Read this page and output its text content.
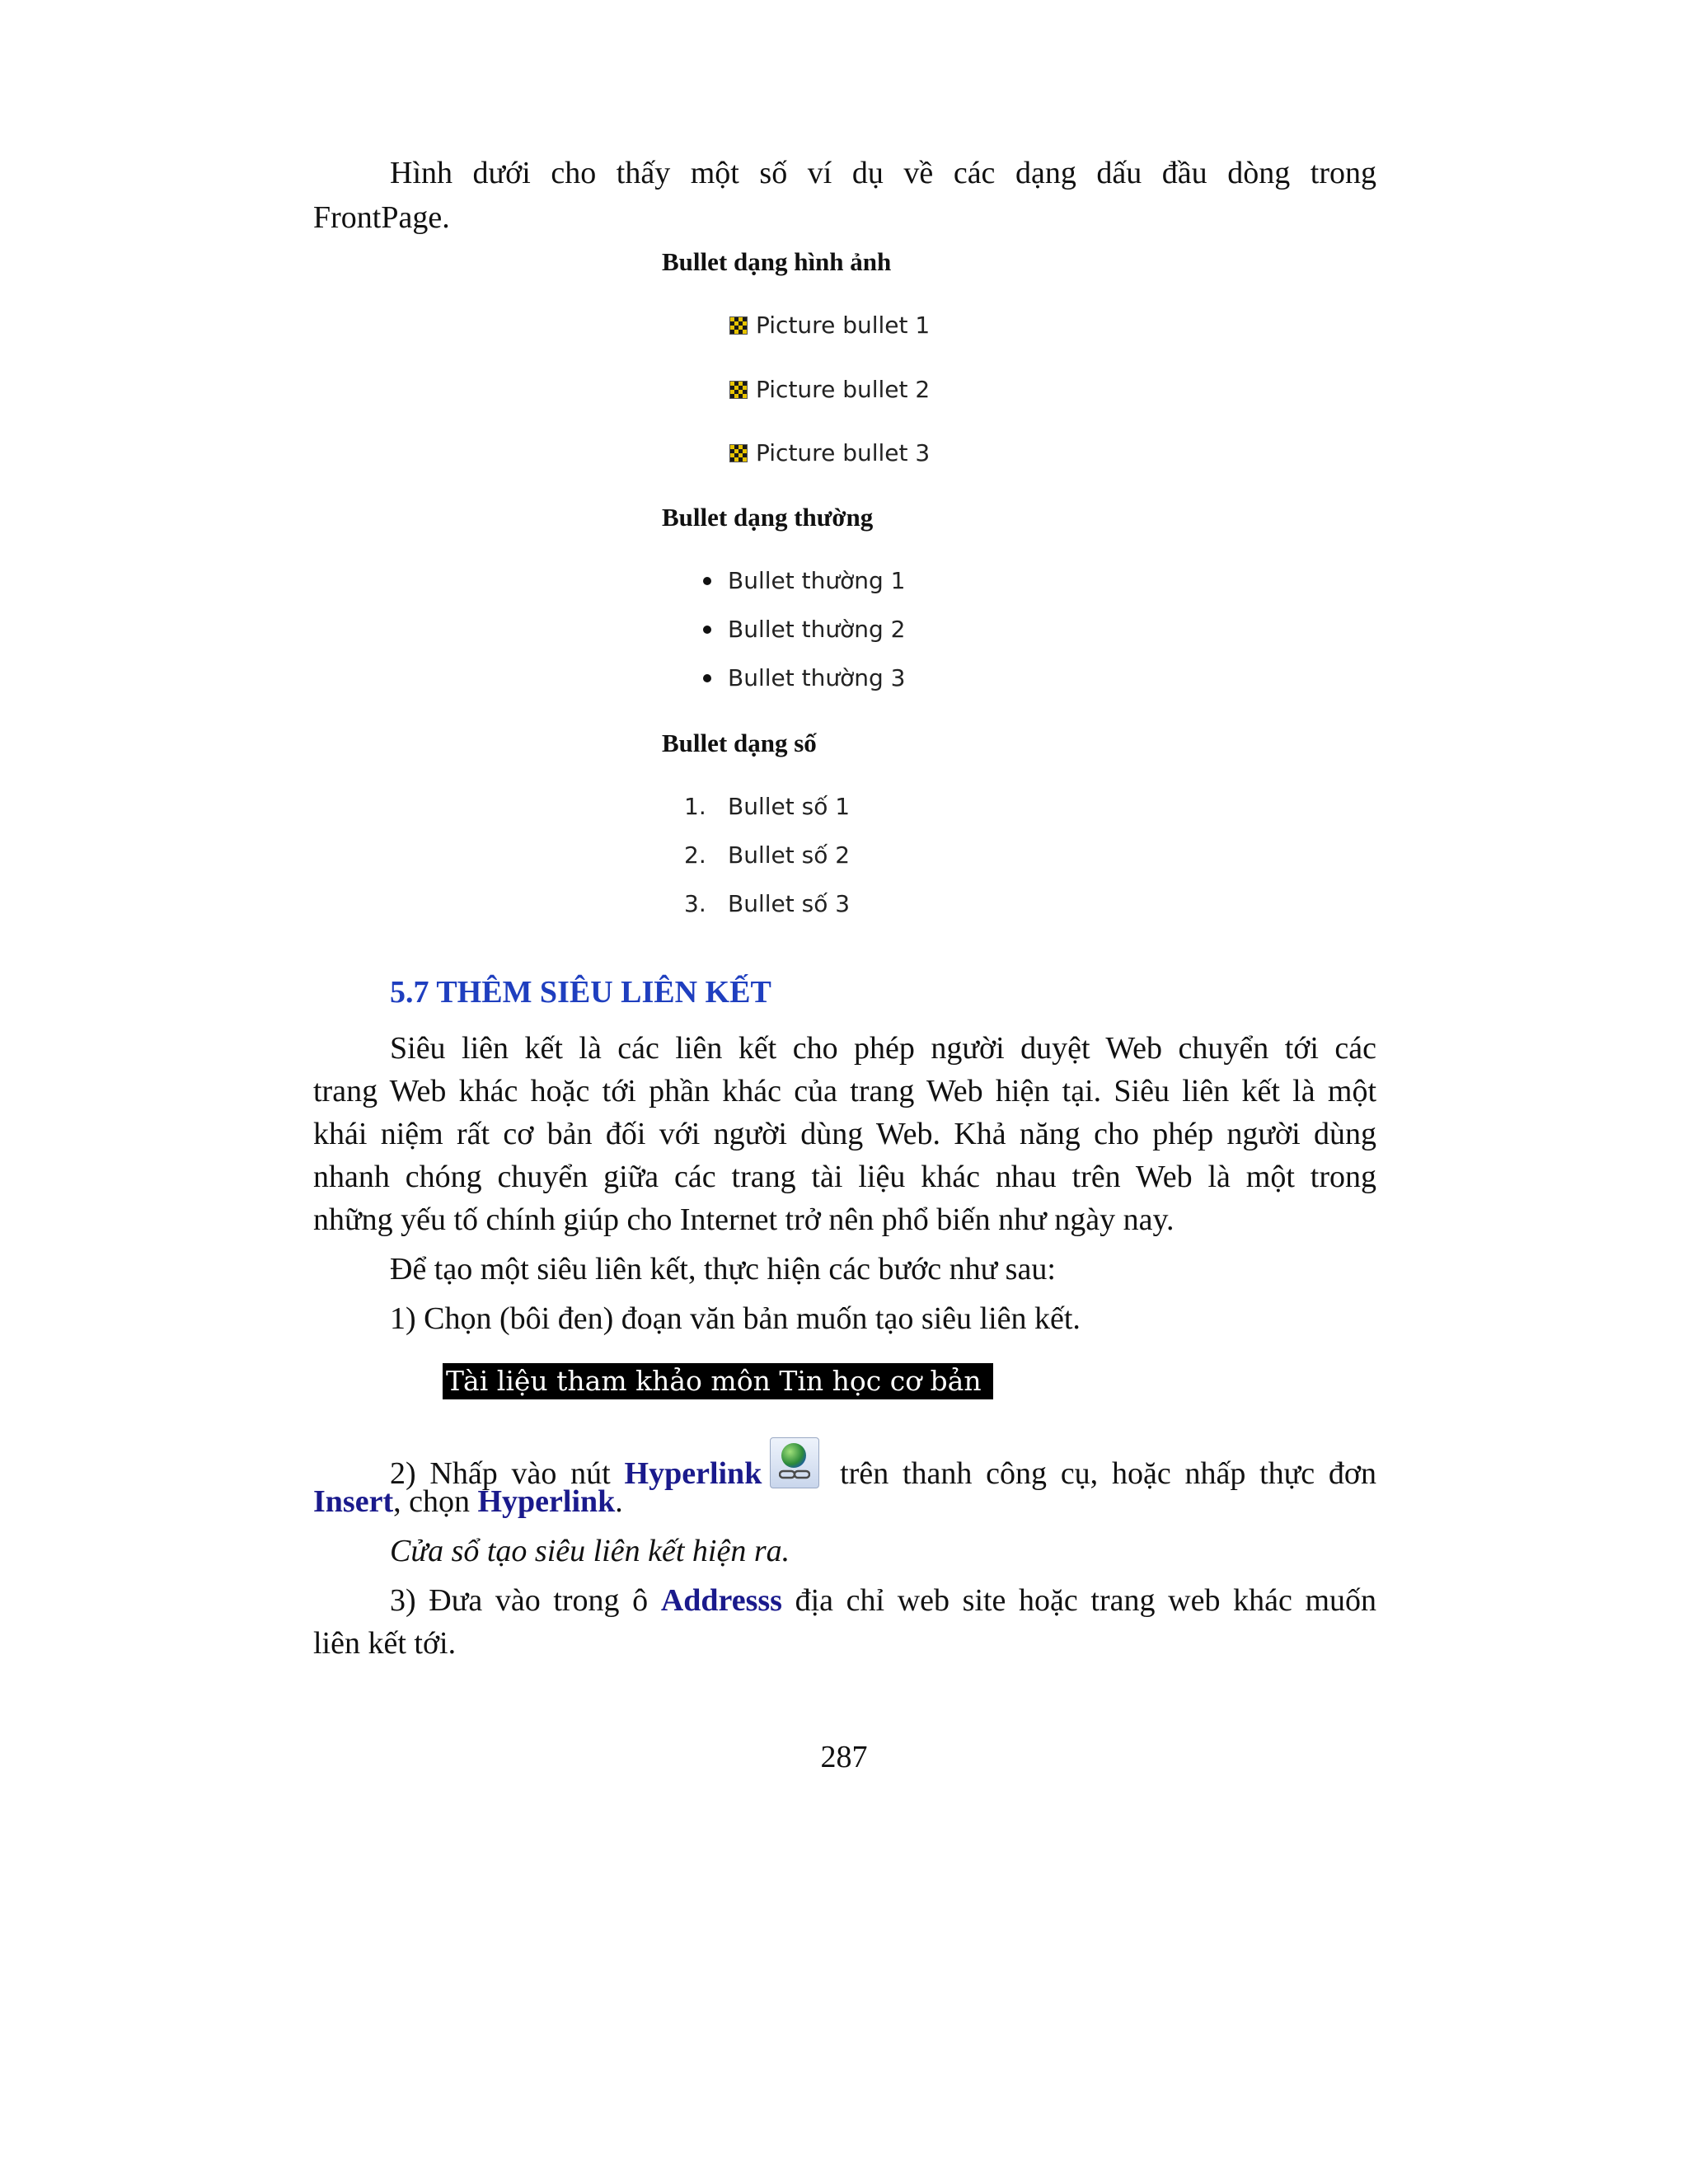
Hình dưới cho thấy một số ví dụ về các dạng dấu đầu dòng trong

FrontPage.

Bullet dạng hình ảnh
Picture bullet 1
Picture bullet 2
Picture bullet 3
Bullet dạng thường
Bullet thường 1
Bullet thường 2
Bullet thường 3
Bullet dạng số
1. Bullet số 1
2. Bullet số 2
3. Bullet số 3
5.7 THÊM SIÊU LIÊN KẾT

Siêu liên kết là các liên kết cho phép người duyệt Web chuyển tới các

trang Web khác hoặc tới phần khác của trang Web hiện tại. Siêu liên kết là một

khái niệm rất cơ bản đối với người dùng Web. Khả năng cho phép người dùng

nhanh chóng chuyển giữa các trang tài liệu khác nhau trên Web là một trong

những yếu tố chính giúp cho Internet trở nên phổ biến như ngày nay.

Để tạo một siêu liên kết, thực hiện các bước như sau:

1) Chọn (bôi đen) đoạn văn bản muốn tạo siêu liên kết.

Tài liệu tham khảo môn Tin học cơ bản

2) Nhấp vào nút Hyperlink trên thanh công cụ, hoặc nhấp thực đơn

Insert, chọn Hyperlink.

Cửa sổ tạo siêu liên kết hiện ra.

3) Đưa vào trong ô Addresss địa chỉ web site hoặc trang web khác muốn

liên kết tới.

287
